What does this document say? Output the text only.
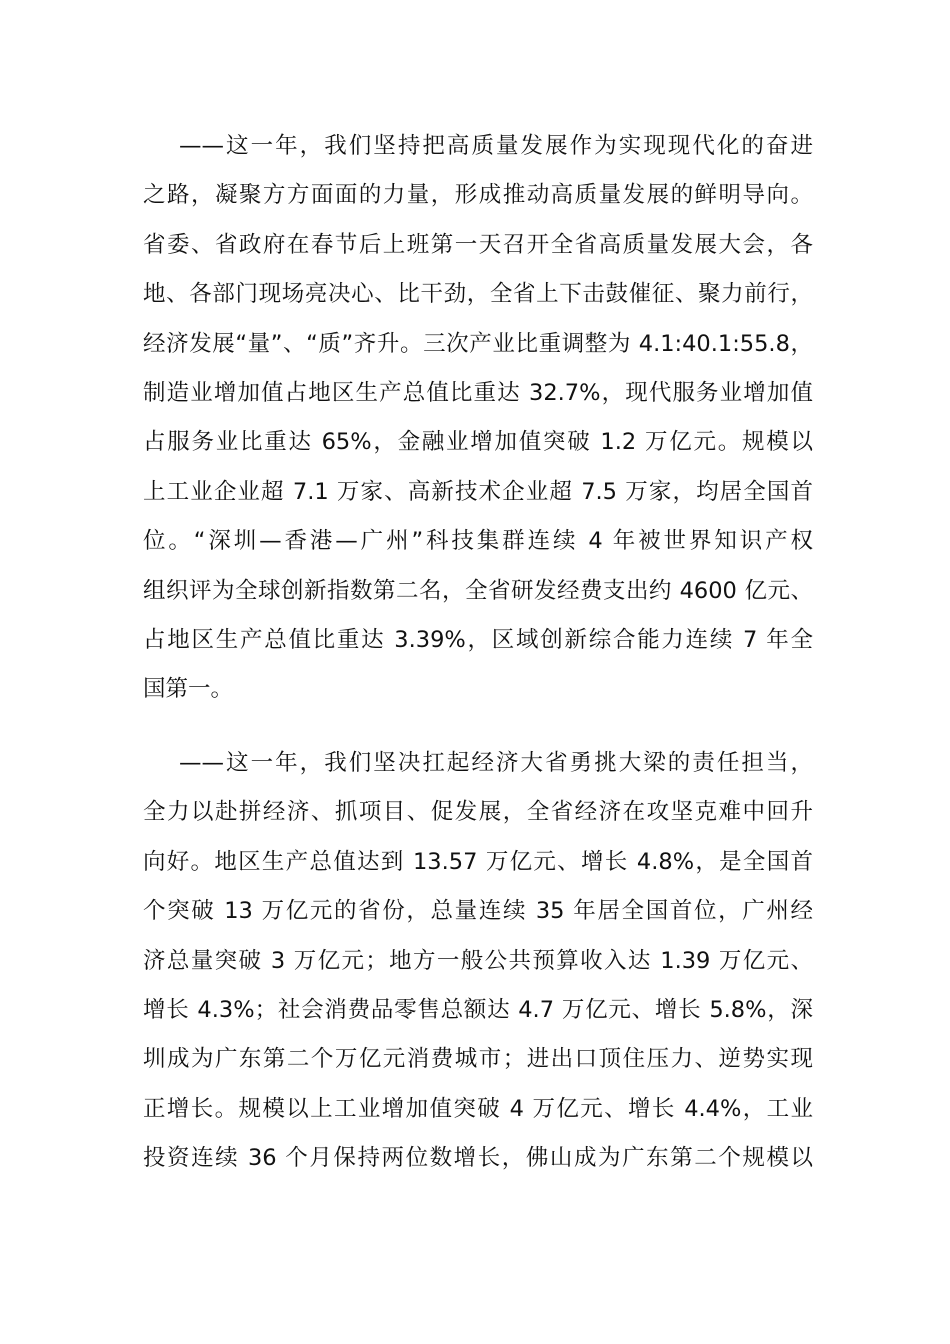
——这一年，我们坚持把高质量发展作为实现现代化的奋进
之路，凝聚方方面面的力量，形成推动高质量发展的鲜明导向。
省委、省政府在春节后上班第一天召开全省高质量发展大会，各
地、各部门现场亮决心、比干劲，全省上下击鼓催征、聚力前行，
经济发展“量”、“质”齐升。三次产业比重调整为 4.1:40.1:55.8，
制造业增加值占地区生产总值比重达 32.7%，现代服务业增加值
占服务业比重达 65%，金融业增加值突破 1.2 万亿元。规模以
上工业企业超 7.1 万家、高新技术企业超 7.5 万家，均居全国首
位。“深圳—香港—广州”科技集群连续 4 年被世界知识产权
组织评为全球创新指数第二名，全省研发经费支出约 4600 亿元、
占地区生产总值比重达 3.39%，区域创新综合能力连续 7 年全
国第一。
——这一年，我们坚决扛起经济大省勇挑大梁的责任担当，
全力以赴拼经济、抓项目、促发展，全省经济在攻坚克难中回升
向好。地区生产总值达到 13.57 万亿元、增长 4.8%，是全国首
个突破 13 万亿元的省份，总量连续 35 年居全国首位，广州经
济总量突破 3 万亿元；地方一般公共预算收入达 1.39 万亿元、
增长 4.3%；社会消费品零售总额达 4.7 万亿元、增长 5.8%，深
圳成为广东第二个万亿元消费城市；进出口顶住压力、逆势实现
正增长。规模以上工业增加值突破 4 万亿元、增长 4.4%，工业
投资连续 36 个月保持两位数增长，佛山成为广东第二个规模以
